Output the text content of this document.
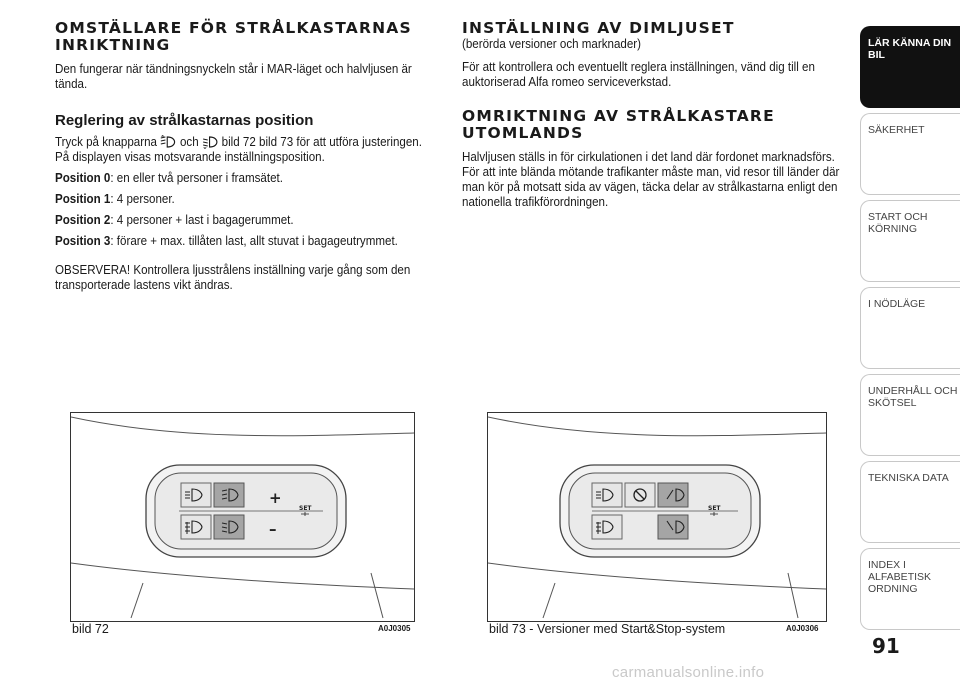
OMSTÄLLARE FÖR STRÅLKASTARNAS INRIKTNING

Den fungerar när tändningsnyckeln står i MAR-läget och halvljusen är tända.

Reglering av strålkastarnas position

Tryck på knapparna och bild 72 bild 73 för att utföra justeringen. På displayen visas motsvarande inställningsposition.

Position 0: en eller två personer i framsätet.

Position 1: 4 personer.

Position 2: 4 personer + last i bagagerummet.

Position 3: förare + max. tillåten last, allt stuvat i bagageutrymmet.

OBSERVERA! Kontrollera ljusstrålens inställning varje gång som den transporterade lastens vikt ändras.

INSTÄLLNING AV DIMLJUSET

(berörda versioner och marknader)

För att kontrollera och eventuellt reglera inställningen, vänd dig till en auktoriserad Alfa romeo serviceverkstad.

OMRIKTNING AV STRÅLKASTARE UTOMLANDS

Halvljusen ställs in för cirkulationen i det land där fordonet marknadsförs. För att inte blända mötande trafikanter måste man, vid resor till länder där man kör på motsatt sida av vägen, täcka delar av strålkastarna enligt den nationella trafikförordningen.

+
–
SET
bild 72	A0J0305
SET
bild 73 - Versioner med Start&Stop-system	A0J0306
LÄR KÄNNA DIN BIL
SÄKERHET
START OCH KÖRNING
I NÖDLÄGE
UNDERHÅLL OCH SKÖTSEL
TEKNISKA DATA
INDEX I ALFABETISK ORDNING
91
carmanualsonline.info
